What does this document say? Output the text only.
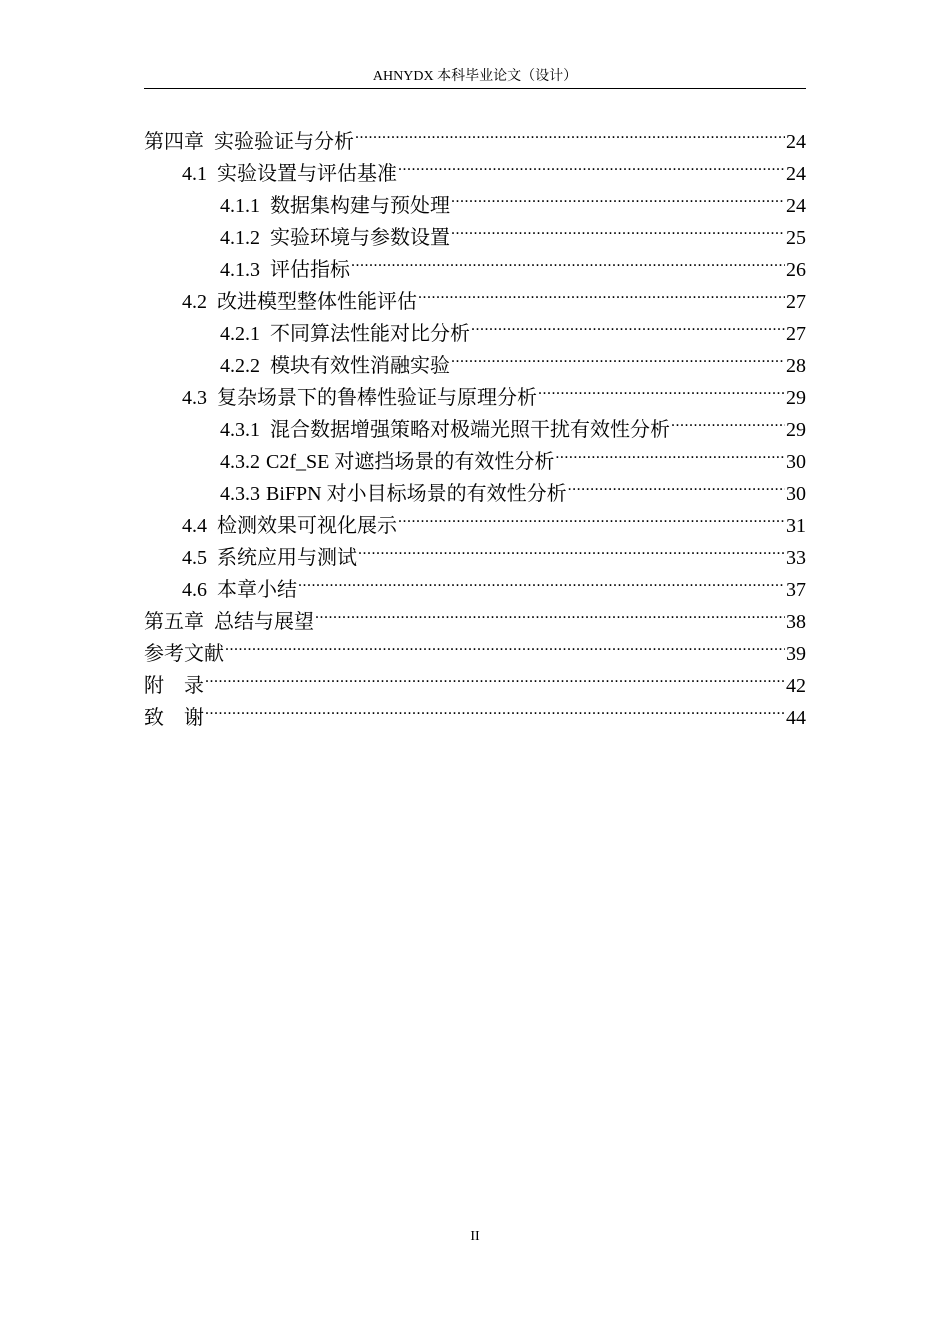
AHNYDX 本科毕业论文（设计）
第四章  实验验证与分析 .....	24
4.1 实验设置与评估基准 .....	24
4.1.1 数据集构建与预处理 .....	24
4.1.2 实验环境与参数设置 .....	25
4.1.3 评估指标 .....	26
4.2 改进模型整体性能评估 .....	27
4.2.1 不同算法性能对比分析 .....	27
4.2.2 模块有效性消融实验 .....	28
4.3 复杂场景下的鲁棒性验证与原理分析 .....	29
4.3.1 混合数据增强策略对极端光照干扰有效性分析 .....	29
4.3.2 C2f_SE 对遮挡场景的有效性分析 .....	30
4.3.3 BiFPN 对小目标场景的有效性分析 .....	30
4.4 检测效果可视化展示 .....	31
4.5 系统应用与测试 .....	33
4.6 本章小结 .....	37
第五章  总结与展望 .....	38
参考文献 .....	39
附    录 .....	42
致    谢 .....	44
II
